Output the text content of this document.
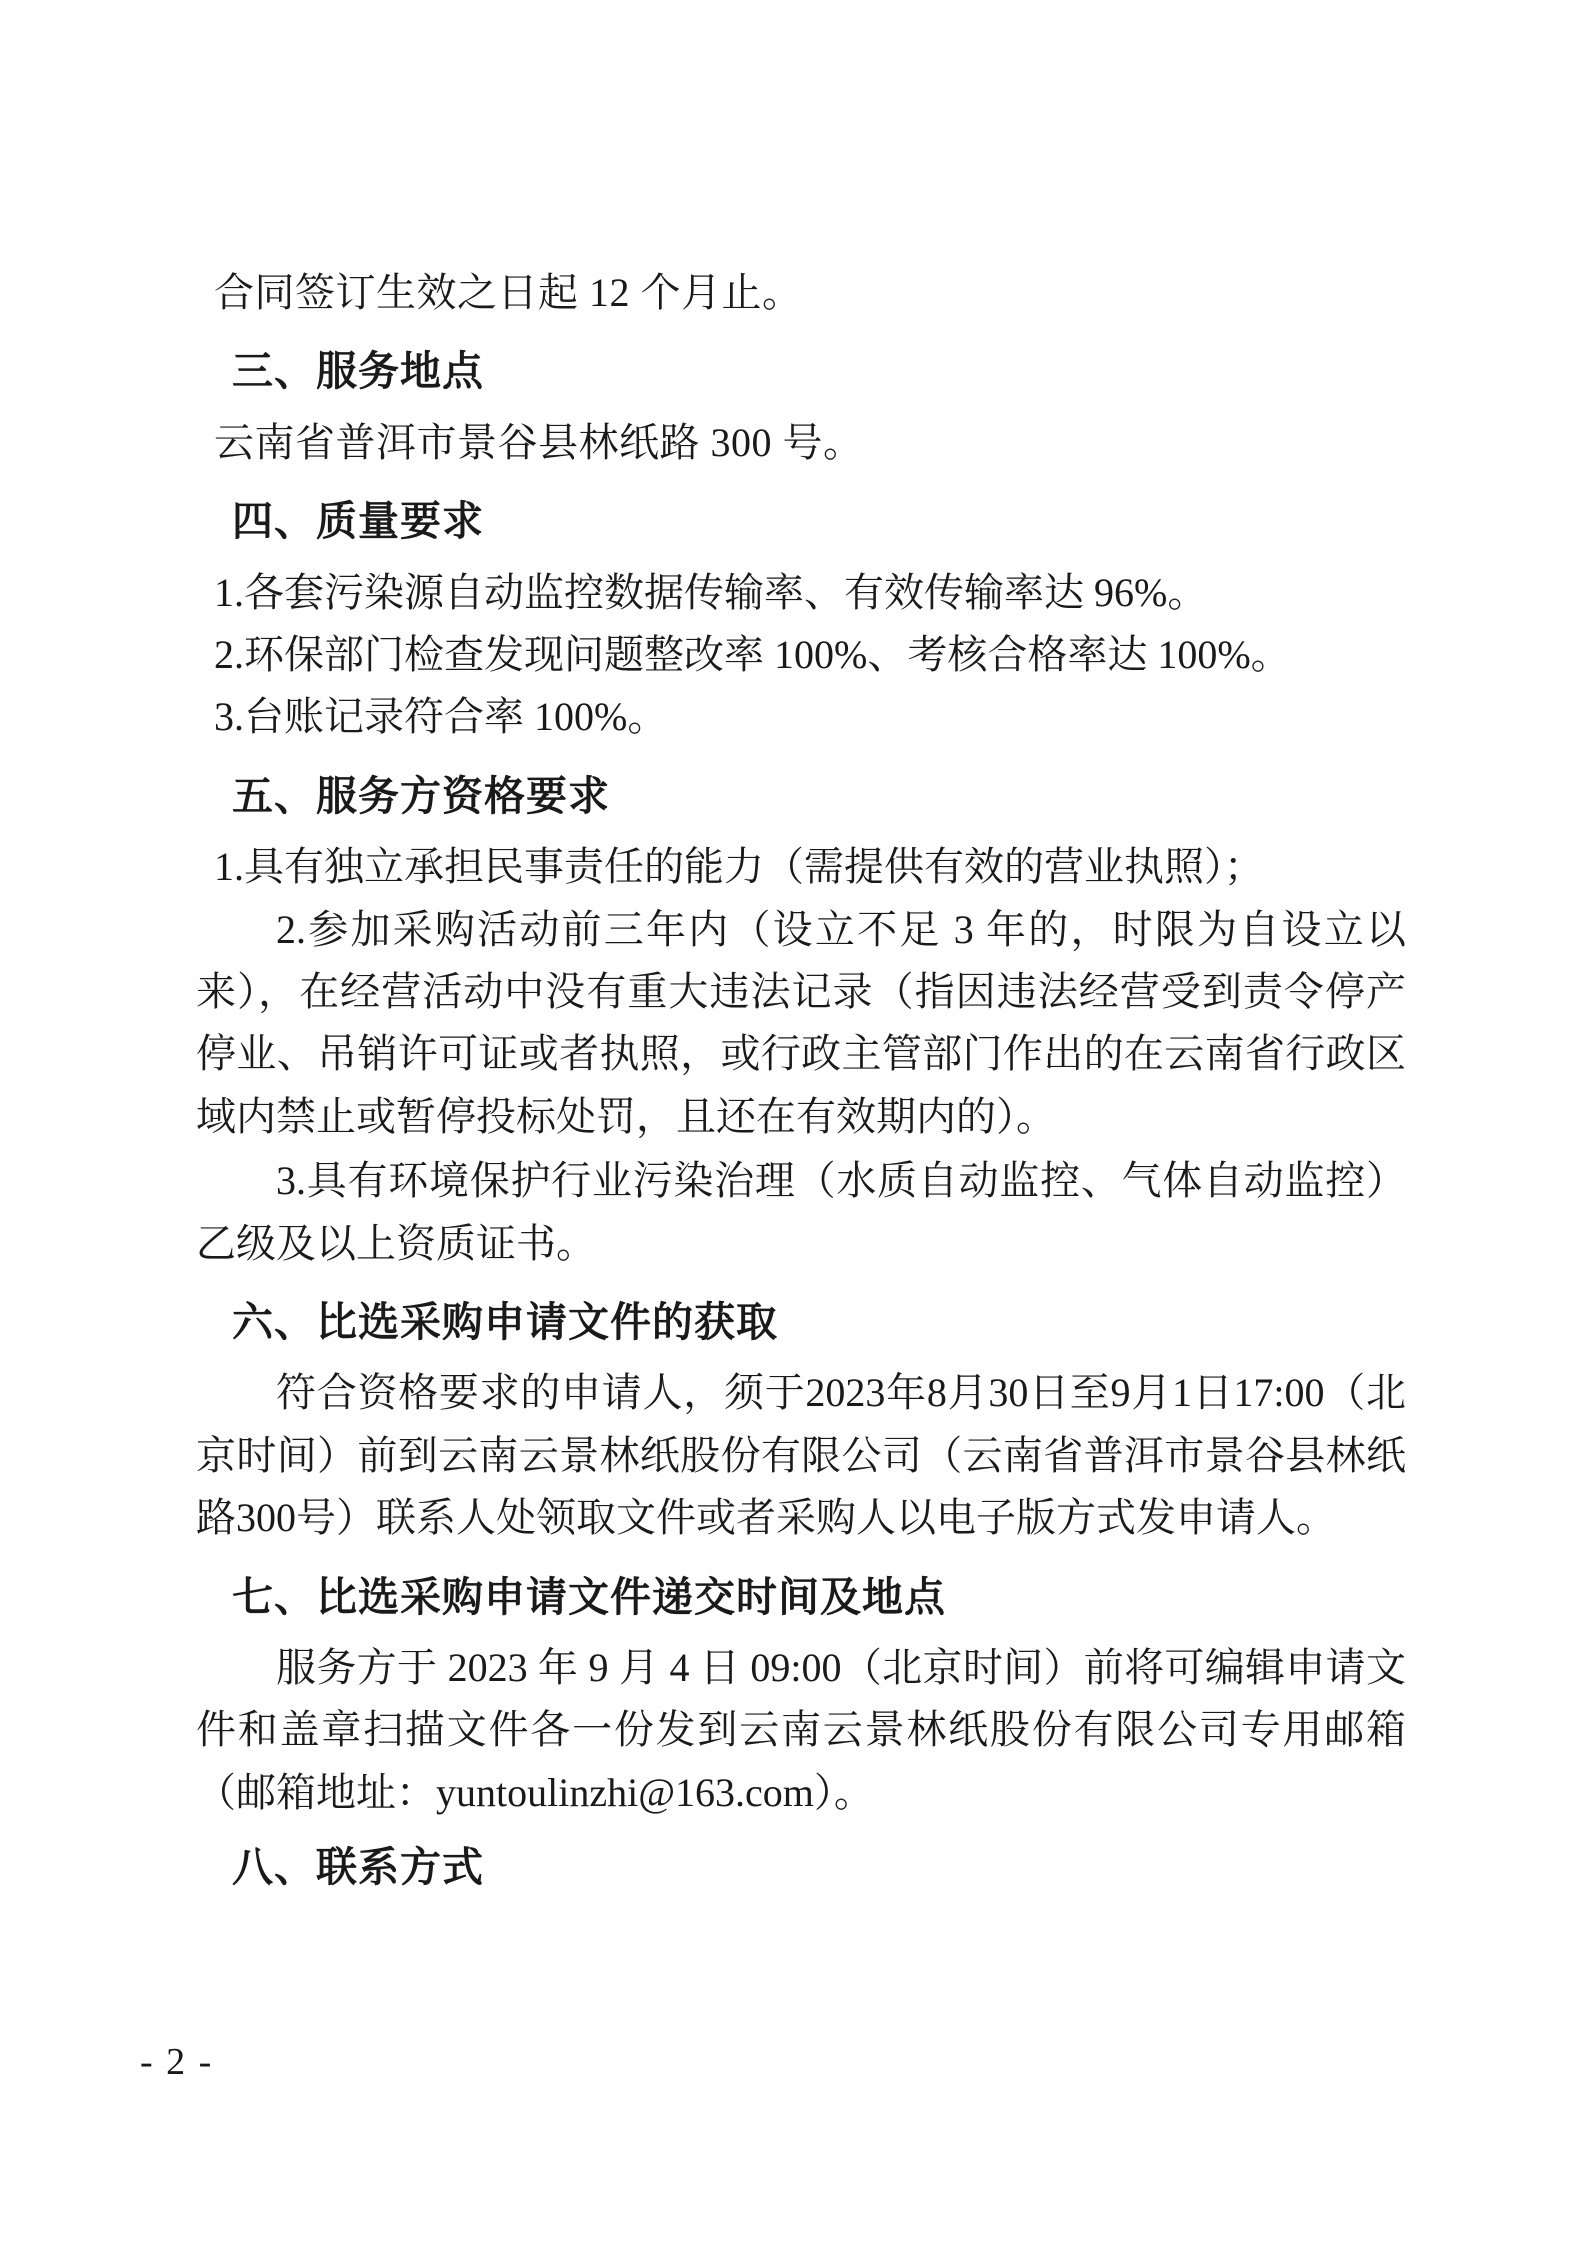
合同签订生效之日起 12 个月止。

三、服务地点

云南省普洱市景谷县林纸路 300 号。

四、质量要求

1.各套污染源自动监控数据传输率、有效传输率达 96%。

2.环保部门检查发现问题整改率 100%、考核合格率达 100%。

3.台账记录符合率 100%。

五、服务方资格要求

1.具有独立承担民事责任的能力（需提供有效的营业执照）；

2.参加采购活动前三年内（设立不足 3 年的，时限为自设立以来），在经营活动中没有重大违法记录（指因违法经营受到责令停产停业、吊销许可证或者执照，或行政主管部门作出的在云南省行政区域内禁止或暂停投标处罚，且还在有效期内的）。

3.具有环境保护行业污染治理（水质自动监控、气体自动监控）乙级及以上资质证书。

六、比选采购申请文件的获取

符合资格要求的申请人，须于2023年8月30日至9月1日17:00（北京时间）前到云南云景林纸股份有限公司（云南省普洱市景谷县林纸路300号）联系人处领取文件或者采购人以电子版方式发申请人。

七、比选采购申请文件递交时间及地点

服务方于 2023 年 9 月 4 日 09:00（北京时间）前将可编辑申请文件和盖章扫描文件各一份发到云南云景林纸股份有限公司专用邮箱（邮箱地址：yuntoulinzhi@163.com）。

八、联系方式
- 2 -
